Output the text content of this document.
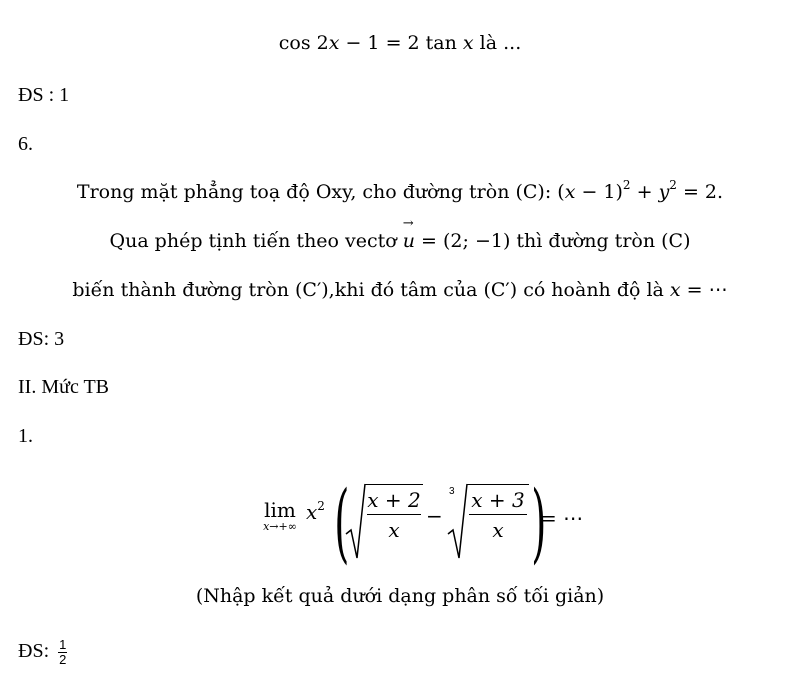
cos 2x − 1 = 2 tan x là ...
ĐS : 1
6.
Trong mặt phẳng toạ độ Oxy, cho đường tròn (C): $(x - 1)^2 + y^2 = 2$.
Qua phép tịnh tiến theo vectơ → u = (2; −1) thì đường tròn (C)
biến thành đường tròn (C′),khi đó tâm của (C′) có hoành độ là x = ⋯
ĐS: 3
II. Mức TB
1.
lim
x→+∞
$x^2$ ( x + 2
x
−
3 x + 3
x )
= ⋯
(Nhập kết quả dưới dạng phân số tối giản)
ĐS: $\frac{1}{2}$
